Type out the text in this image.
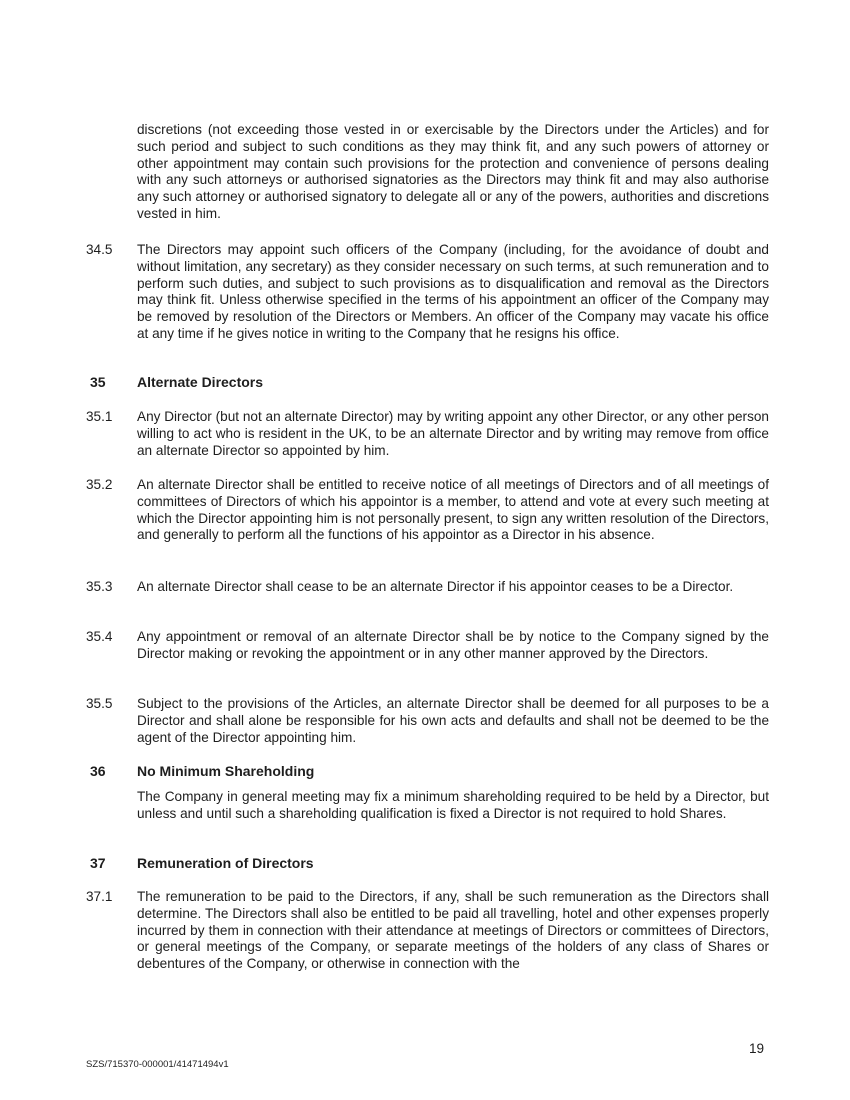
discretions (not exceeding those vested in or exercisable by the Directors under the Articles) and for such period and subject to such conditions as they may think fit, and any such powers of attorney or other appointment may contain such provisions for the protection and convenience of persons dealing with any such attorneys or authorised signatories as the Directors may think fit and may also authorise any such attorney or authorised signatory to delegate all or any of the powers, authorities and discretions vested in him.

34.5 The Directors may appoint such officers of the Company (including, for the avoidance of doubt and without limitation, any secretary) as they consider necessary on such terms, at such remuneration and to perform such duties, and subject to such provisions as to disqualification and removal as the Directors may think fit. Unless otherwise specified in the terms of his appointment an officer of the Company may be removed by resolution of the Directors or Members. An officer of the Company may vacate his office at any time if he gives notice in writing to the Company that he resigns his office.

35 Alternate Directors
35.1 Any Director (but not an alternate Director) may by writing appoint any other Director, or any other person willing to act who is resident in the UK, to be an alternate Director and by writing may remove from office an alternate Director so appointed by him.

35.2 An alternate Director shall be entitled to receive notice of all meetings of Directors and of all meetings of committees of Directors of which his appointor is a member, to attend and vote at every such meeting at which the Director appointing him is not personally present, to sign any written resolution of the Directors, and generally to perform all the functions of his appointor as a Director in his absence.

35.3 An alternate Director shall cease to be an alternate Director if his appointor ceases to be a Director.

35.4 Any appointment or removal of an alternate Director shall be by notice to the Company signed by the Director making or revoking the appointment or in any other manner approved by the Directors.

35.5 Subject to the provisions of the Articles, an alternate Director shall be deemed for all purposes to be a Director and shall alone be responsible for his own acts and defaults and shall not be deemed to be the agent of the Director appointing him.

36 No Minimum Shareholding

The Company in general meeting may fix a minimum shareholding required to be held by a Director, but unless and until such a shareholding qualification is fixed a Director is not required to hold Shares.

37 Remuneration of Directors
37.1 The remuneration to be paid to the Directors, if any, shall be such remuneration as the Directors shall determine. The Directors shall also be entitled to be paid all travelling, hotel and other expenses properly incurred by them in connection with their attendance at meetings of Directors or committees of Directors, or general meetings of the Company, or separate meetings of the holders of any class of Shares or debentures of the Company, or otherwise in connection with the

19
SZS/715370-000001/41471494v1
